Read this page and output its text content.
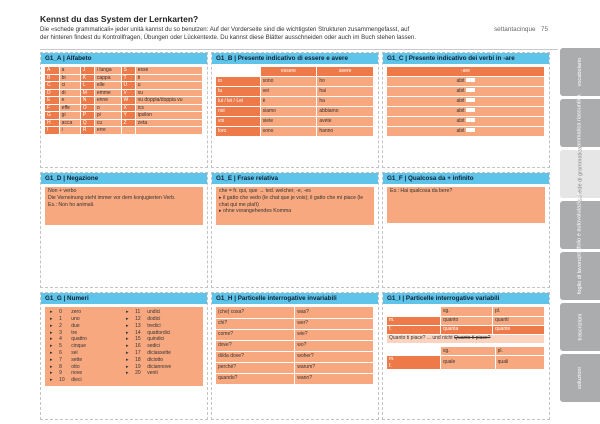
Kennst du das System der Lernkarten?

Die «schede grammaticali» jeder unità kannst du so benutzen: Auf der Vorderseite sind die wichtigsten Strukturen zusammengefasst, auf
der hinteren findest du Kontrollfragen, Übungen oder Lückentexte. Du kannst diese Blätter ausschneiden oder auch im Buch stehen lassen.

settantacinque 75
G1_A | Alfabeto
A	a	J	i lunga	S	esse
B	bi	K	cappa	T	ti
C	ci	L	elle	U	u
D	di	M	emme	V	vu
E	e	N	enne	W	vu doppia/doppia vu
F	effe	O	o	X	ics
G	gi	P	pi	Y	ipsilon
H	acca	Q	cu	Z	zeta
I	i	R	erre		
G1_B | Presente indicativo di essere e avere
	essere	avere
io	sono	ho
tu	sei	hai
lui / lei / Lei	è	ha
noi	siamo	abbiamo
voi	siete	avete
loro	sono	hanno
G1_C | Presente indicativo dei verbi in -are
-are
abit
abit
abit
abit
abit
abit
G1_D | Negazione
Non + verbo
Die Verneinung steht immer vor dem konjugierten Verb.
Es.: Non ho animali.
G1_E | Frase relativa
che = fr. qui, que → ted. welcher, -e, -es
▸ il gatto che vedo (le chat que je vois); il gatto che mi piace (le chat qui me plaît)
▸ ohne vorangehendes Komma
G1_F | Qualcosa da + infinito
Es.: Hai qualcosa da bere?
G1_G | Numeri
▸	0	zero	▸	11	undici
▸	1	uno	▸	12	dodici
▸	2	due	▸	13	tredici
▸	3	tre	▸	14	quattordici
▸	4	quattro	▸	15	quindici
▸	5	cinque	▸	16	sedici
▸	6	sei	▸	17	diciassette
▸	7	sette	▸	18	diciotto
▸	8	otto	▸	19	diciannove
▸	9	nove	▸	20	venti
▸	10	dieci			
G1_H | Particelle interrogative invariabili
(che) cosa?	was?
chi?	wer?
come?	wie?
dove?	wo?
di/da dove?	woher?
perché?	warum?
quando?	wann?
G1_I | Particelle interrogative variabili
	sg.	pl.
m.	quanto	quanti
f.	quanta	quante
Quanto ti piace? ... und nicht Quanto ti piace?		
	sg.	pl.
m.
f.	quale	quali
vocabolario
grammatica riassuntiva
schede di grammatica
portfolio e autovalutazione
foglio di lavoro
trascrizioni
soluzioni
